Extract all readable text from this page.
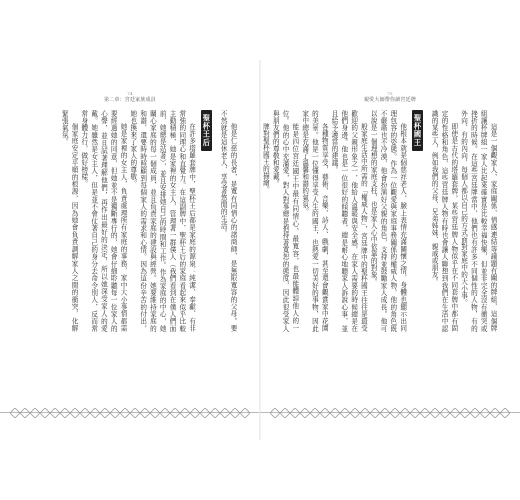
74
第二章：宮廷家族成員

他是仁慈的長者，是寬有同情心的諸商師，是無限寬容的父母。要不然就是這休老人，享受著悠閒的生活。

聖杯王后

在許多塔羅套牌中，聖杯王后都是家庭的源泉：純潔、奉獻、有非常強的同理心和直覺力。在這副牌中，聖杯王后的家庭看起來似乎比較主動積極，她是家裡的女主人，管理著一群僕人（我們看到在僕人們面前，她總是站著），並且安排她自己的時間和工作。作為家庭的中心，她關心家庭的每一個成員，並且負責家庭的建設與經營。她要維持家庭的和諧，還要時時照顧到每個家人的需求和心情。因為這份辛苦的付出，她也換來了家人的尊敬。

她是家裡的女主人，負責處理所有家庭的事務，家中大小事情都需要經過她的同意，但她並不是獨斷專行的，她會仔細聆聽每一位家人的心聲，並且試著理解他們，再作出最好的決定，所以她深受家人的愛戴。她雖然是女主人，但是並不會仗著自己的身分去命令別人，反而常常身體力行，做好榜樣。

個家庭安定平順的根源，因為她會負責調解家人之間的衝突，化解緊張氣氛。

75
親愛大師帶你讀宮廷牌

這是一個觀家人、家庭關係、情感連結等議題有關的牌組，這個牌組讓杯牌組一家人比起來確實是比較幸福快樂，但並非完全沒有衝突或挫折的時候。在這些宮廷牌當中，他們也有許多不同個性的人物，有的外向、有的內向，每個人都以自己的方式面對家庭中的大小事。

即使是古代的塔羅套牌，某些宮廷牌人物似乎在不同套牌中都有固定的性格和角色，這些宮廷牌人物有時也會讓人聯想到我們在生活中認識的某些人，例如我們的父母、兄弟姊妹、親戚或朋友。

聖杯國王

他根本就是個慈祥老人，臉上表情充滿關懷之情，身體也顯示出同理包容的姿態。作為一位觀愛與家庭事務關係的權威人物，他的角色既不嚴肅也不冷漠，他會扮演好父親的角色，支持並鼓勵家人成長。他可以說是一個理想的家庭支柱，也是家人心中依靠的對象。

般家庭生活中所需的「權威人物」，宮廷牌中的聖杯國王往往是最受歡迎的父親形象之一，他給人溫暖與安全感，在家人需要的時候總是在他們身邊。他也是一位很好的傾聽者，總是耐心地聽家人訴說心事，並且給予適當的建議。

各種物質享受，藝術、音樂、詩人、戲劇，甚至還會觀賞家中花園的美景。他是一位懂得享受人生的國王，也熱愛一切美好的事物，因此家中總是充滿了溫馨和諧的氣氛。

能是四位宮廷國王中最有同情心、最寬容，也最能體諒他人的一位。他的心中充滿愛，對人對事總是抱持著寬恕的態度，因此很受家人與朋友們的尊敬和愛戴。

牌對聖杯國王的描繪。
